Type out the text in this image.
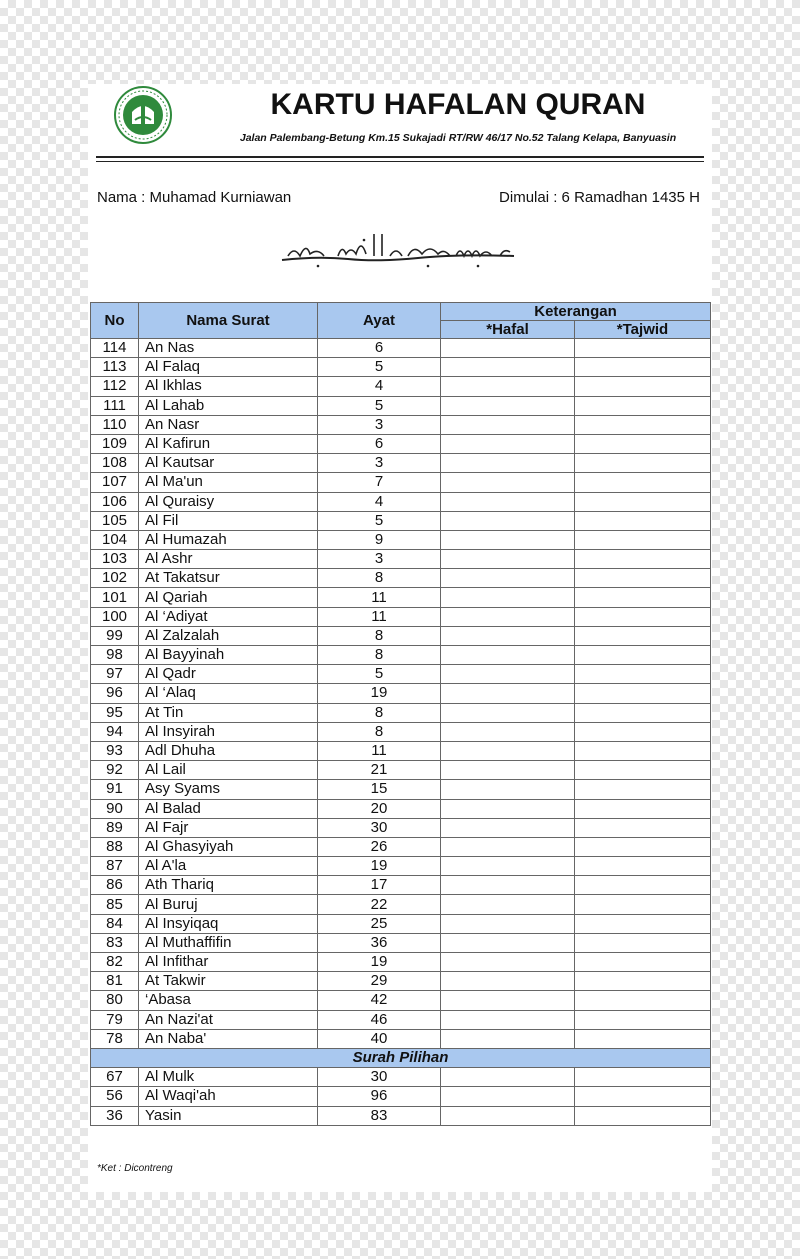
KARTU HAFALAN QURAN
Jalan Palembang-Betung Km.15 Sukajadi RT/RW 46/17 No.52 Talang Kelapa, Banyuasin
Nama : Muhamad Kurniawan	Dimulai : 6 Ramadhan 1435 H
No	Nama Surat	Ayat	Keterangan	
			*Hafal	*Tajwid
114	An Nas	6		
113	Al Falaq	5		
112	Al Ikhlas	4		
111	Al Lahab	5		
110	An Nasr	3		
109	Al Kafirun	6		
108	Al Kautsar	3		
107	Al Ma'un	7		
106	Al Quraisy	4		
105	Al Fil	5		
104	Al Humazah	9		
103	Al Ashr	3		
102	At Takatsur	8		
101	Al Qariah	11		
100	Al ‘Adiyat	11		
99	Al Zalzalah	8		
98	Al Bayyinah	8		
97	Al Qadr	5		
96	Al ‘Alaq	19		
95	At Tin	8		
94	Al Insyirah	8		
93	Adl Dhuha	11		
92	Al Lail	21		
91	Asy Syams	15		
90	Al Balad	20		
89	Al Fajr	30		
88	Al Ghasyiyah	26		
87	Al A'la	19		
86	Ath Thariq	17		
85	Al Buruj	22		
84	Al Insyiqaq	25		
83	Al Muthaffifin	36		
82	Al Infithar	19		
81	At Takwir	29		
80	‘Abasa	42		
79	An Nazi'at	46		
78	An Naba'	40		
Surah Pilihan				
67	Al Mulk	30		
56	Al Waqi'ah	96		
36	Yasin	83		
*Ket : Dicontreng
